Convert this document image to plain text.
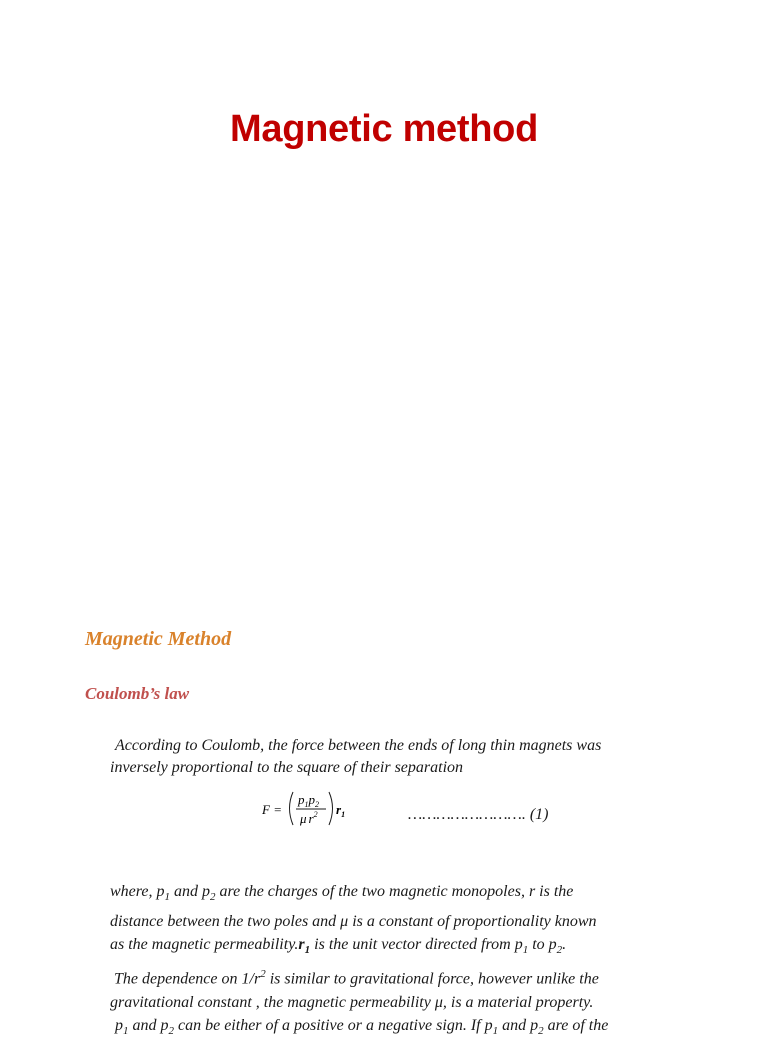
Magnetic method
Magnetic Method
Coulomb’s law
According to Coulomb, the force between the ends of long thin magnets was
inversely proportional to the square of their separation
F =
$p_1p_2$
μ $r^2$ $r_1$	……………………. (1)
where, $p_1$ and $p_2$ are the charges of the two magnetic monopoles, r is the
distance between the two poles and μ is a constant of proportionality known
as the magnetic $permeability.r_1$ is the unit vector directed from $p_1$ to $p_2$.
The dependence on $1/r^2$ is similar to gravitational force, however unlike the
gravitational constant , the magnetic permeability μ, is a material property.
$p_1$ and $p_2$ can be either of a positive or a negative sign. If $p_1$ and $p_2$ are of the
